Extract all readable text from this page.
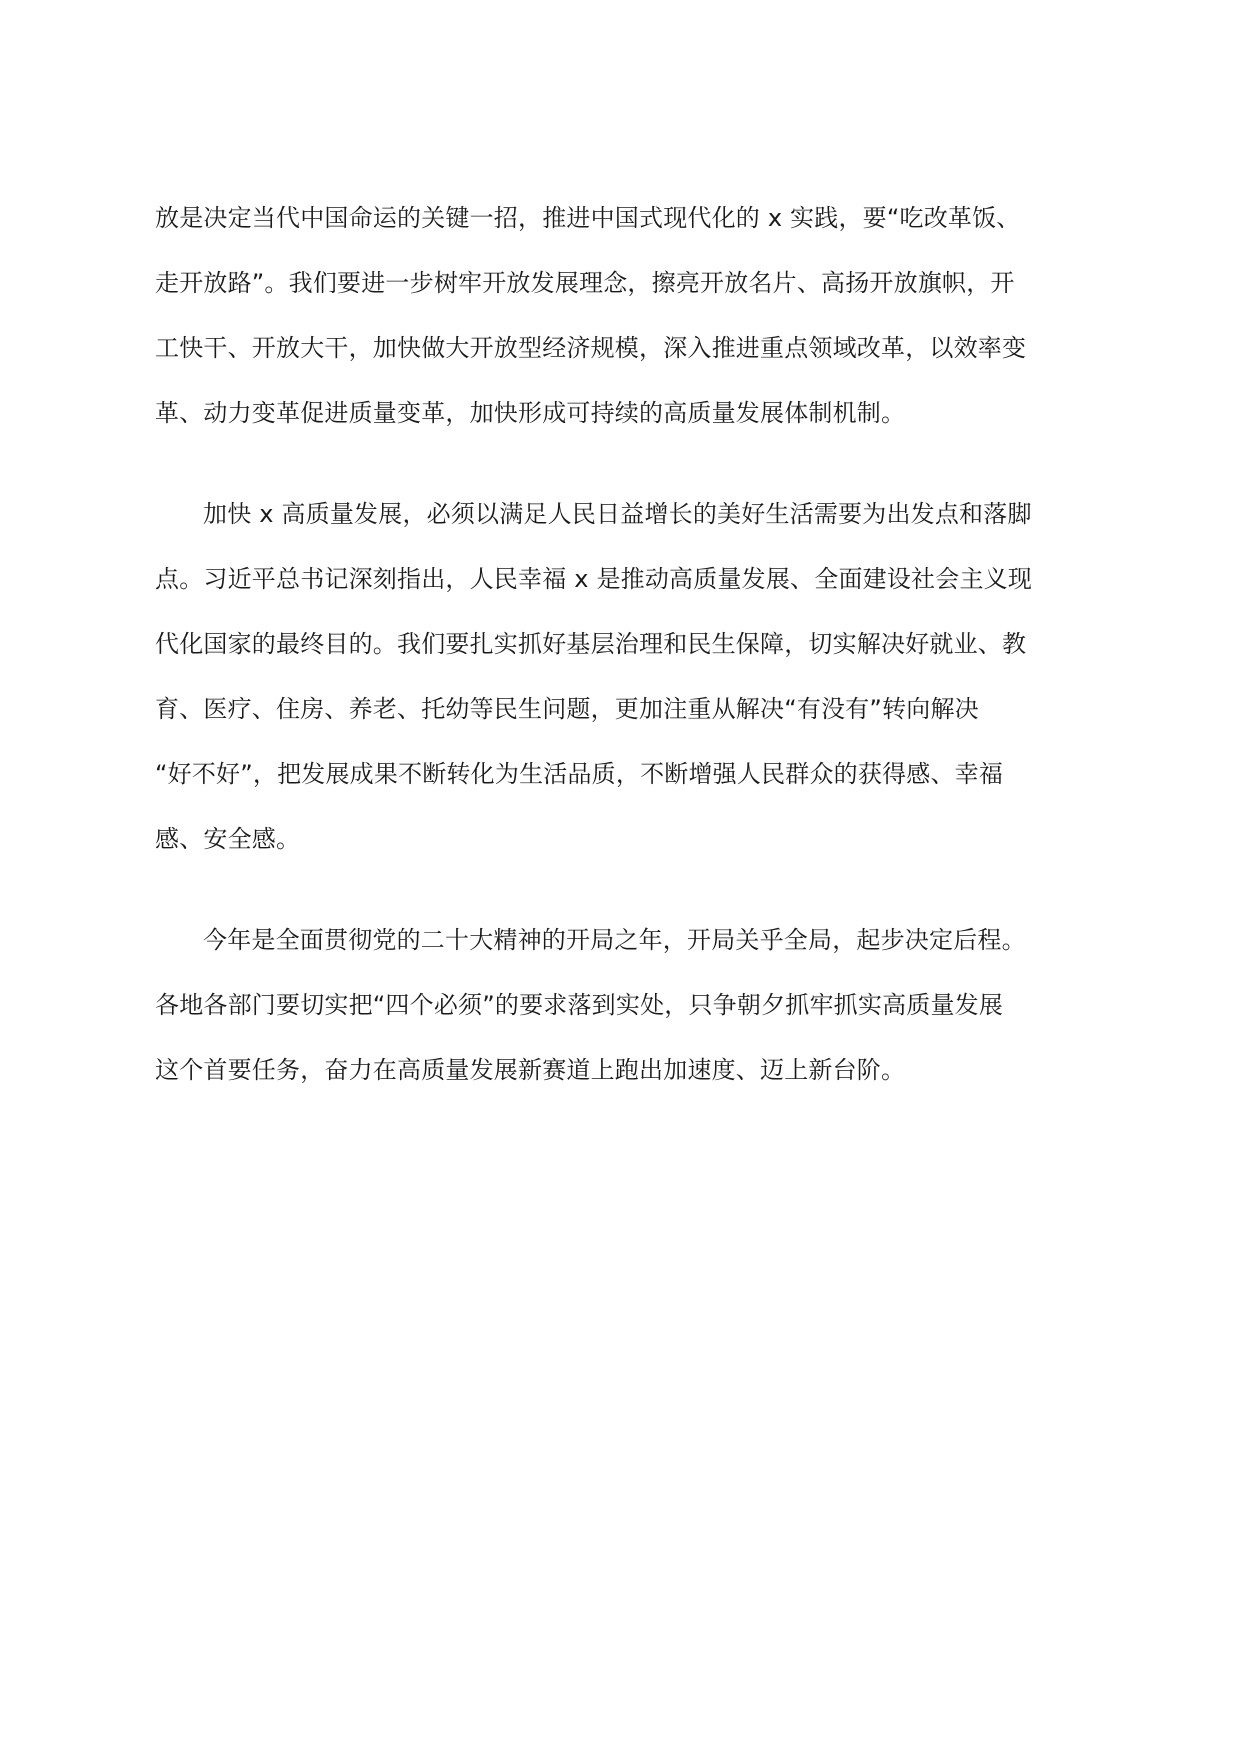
放是决定当代中国命运的关键一招，推进中国式现代化的 x 实践，要“吃改革饭、
走开放路”。我们要进一步树牢开放发展理念，擦亮开放名片、高扬开放旗帜，开
工快干、开放大干，加快做大开放型经济规模，深入推进重点领域改革，以效率变
革、动力变革促进质量变革，加快形成可持续的高质量发展体制机制。
加快 x 高质量发展，必须以满足人民日益增长的美好生活需要为出发点和落脚
点。习近平总书记深刻指出，人民幸福 x 是推动高质量发展、全面建设社会主义现
代化国家的最终目的。我们要扎实抓好基层治理和民生保障，切实解决好就业、教
育、医疗、住房、养老、托幼等民生问题，更加注重从解决“有没有”转向解决
“好不好”，把发展成果不断转化为生活品质，不断增强人民群众的获得感、幸福
感、安全感。
今年是全面贯彻党的二十大精神的开局之年，开局关乎全局，起步决定后程。
各地各部门要切实把“四个必须”的要求落到实处，只争朝夕抓牢抓实高质量发展
这个首要任务，奋力在高质量发展新赛道上跑出加速度、迈上新台阶。
